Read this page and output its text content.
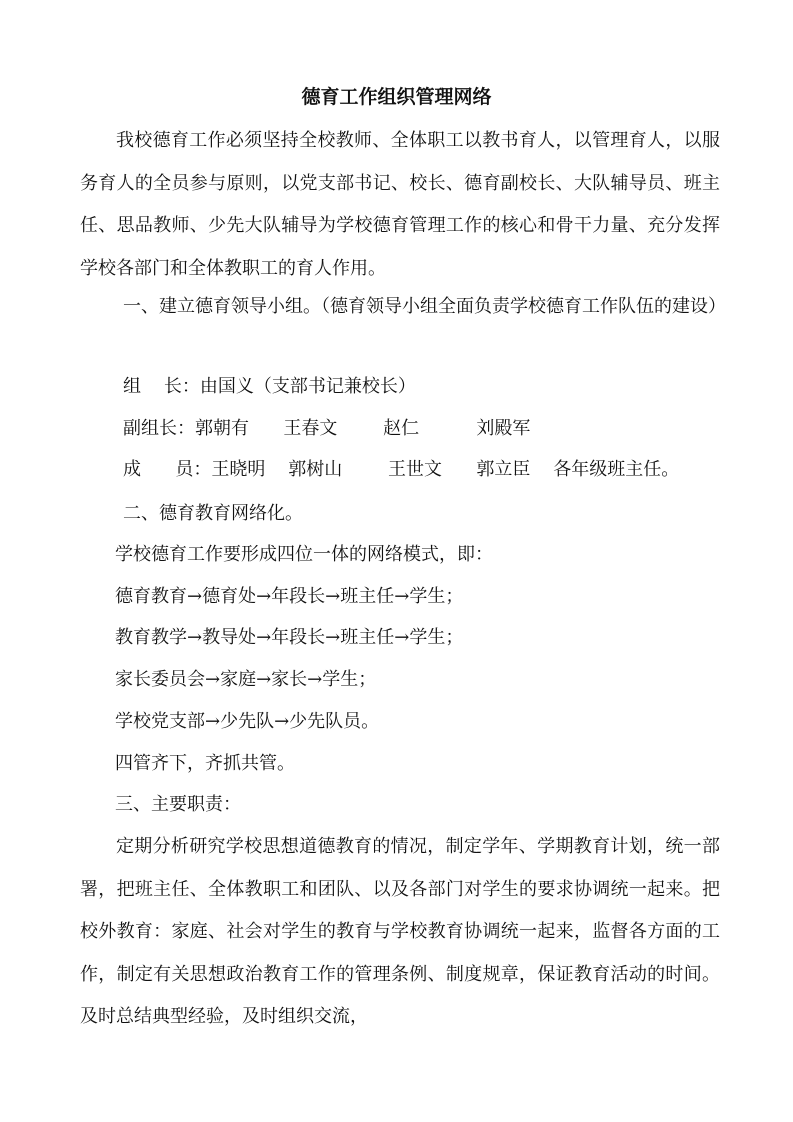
德育工作组织管理网络

我校德育工作必须坚持全校教师、全体职工以教书育人，以管理育人，以服务育人的全员参与原则，以党支部书记、校长、德育副校长、大队辅导员、班主任、思品教师、少先大队辅导为学校德育管理工作的核心和骨干力量、充分发挥学校各部门和全体教职工的育人作用。

一、建立德育领导小组。（德育领导小组全面负责学校德育工作队伍的建设）

组    长：由国义（支部书记兼校长）
副组长：郭朝有      王春文        赵仁          刘殿军
成      员：王晓明    郭树山        王世文      郭立臣    各年级班主任。
二、德育教育网络化。
学校德育工作要形成四位一体的网络模式，即：
德育教育→德育处→年段长→班主任→学生；
教育教学→教导处→年段长→班主任→学生；
家长委员会→家庭→家长→学生；
学校党支部→少先队→少先队员。
四管齐下，齐抓共管。
三、主要职责：

定期分析研究学校思想道德教育的情况，制定学年、学期教育计划，统一部署，把班主任、全体教职工和团队、以及各部门对学生的要求协调统一起来。把校外教育：家庭、社会对学生的教育与学校教育协调统一起来，监督各方面的工作，制定有关思想政治教育工作的管理条例、制度规章，保证教育活动的时间。及时总结典型经验，及时组织交流，
